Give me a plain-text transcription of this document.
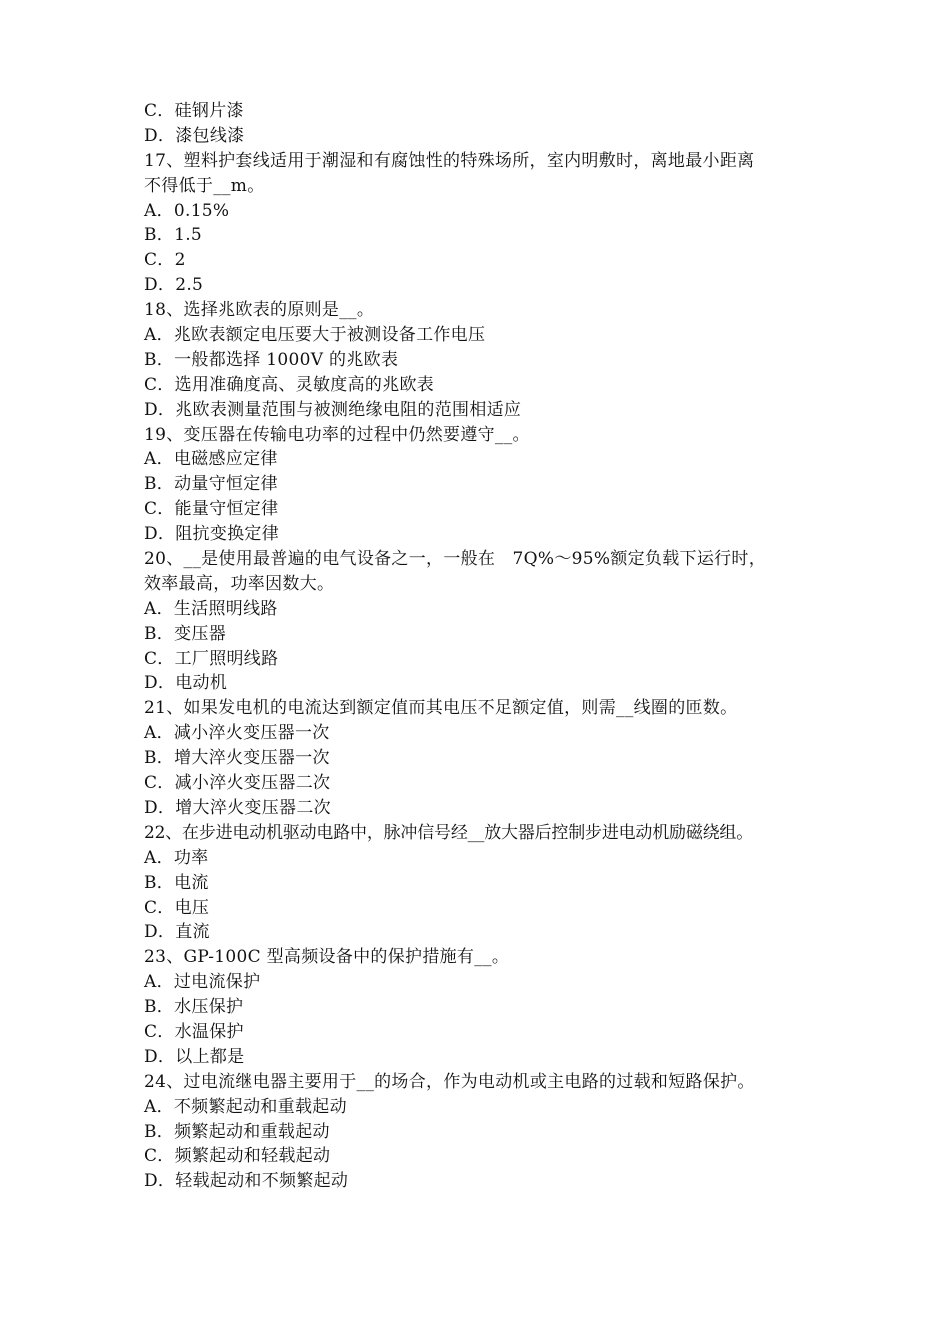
C．硅钢片漆
D．漆包线漆
17、塑料护套线适用于潮湿和有腐蚀性的特殊场所，室内明敷时，离地最小距离
不得低于__m。
A．0.15%
B．1.5
C．2
D．2.5
18、选择兆欧表的原则是__。
A．兆欧表额定电压要大于被测设备工作电压
B．一般都选择 1000V 的兆欧表
C．选用准确度高、灵敏度高的兆欧表
D．兆欧表测量范围与被测绝缘电阻的范围相适应
19、变压器在传输电功率的过程中仍然要遵守__。
A．电磁感应定律
B．动量守恒定律
C．能量守恒定律
D．阻抗变换定律
20、__是使用最普遍的电气设备之一，一般在　7Q%～95%额定负载下运行时，
效率最高，功率因数大。
A．生活照明线路
B．变压器
C．工厂照明线路
D．电动机
21、如果发电机的电流达到额定值而其电压不足额定值，则需__线圈的匝数。
A．减小淬火变压器一次
B．增大淬火变压器一次
C．减小淬火变压器二次
D．增大淬火变压器二次
22、在步进电动机驱动电路中，脉冲信号经__放大器后控制步进电动机励磁绕组。
A．功率
B．电流
C．电压
D．直流
23、GP-100C 型高频设备中的保护措施有__。
A．过电流保护
B．水压保护
C．水温保护
D．以上都是
24、过电流继电器主要用于__的场合，作为电动机或主电路的过载和短路保护。
A．不频繁起动和重载起动
B．频繁起动和重载起动
C．频繁起动和轻载起动
D．轻载起动和不频繁起动
